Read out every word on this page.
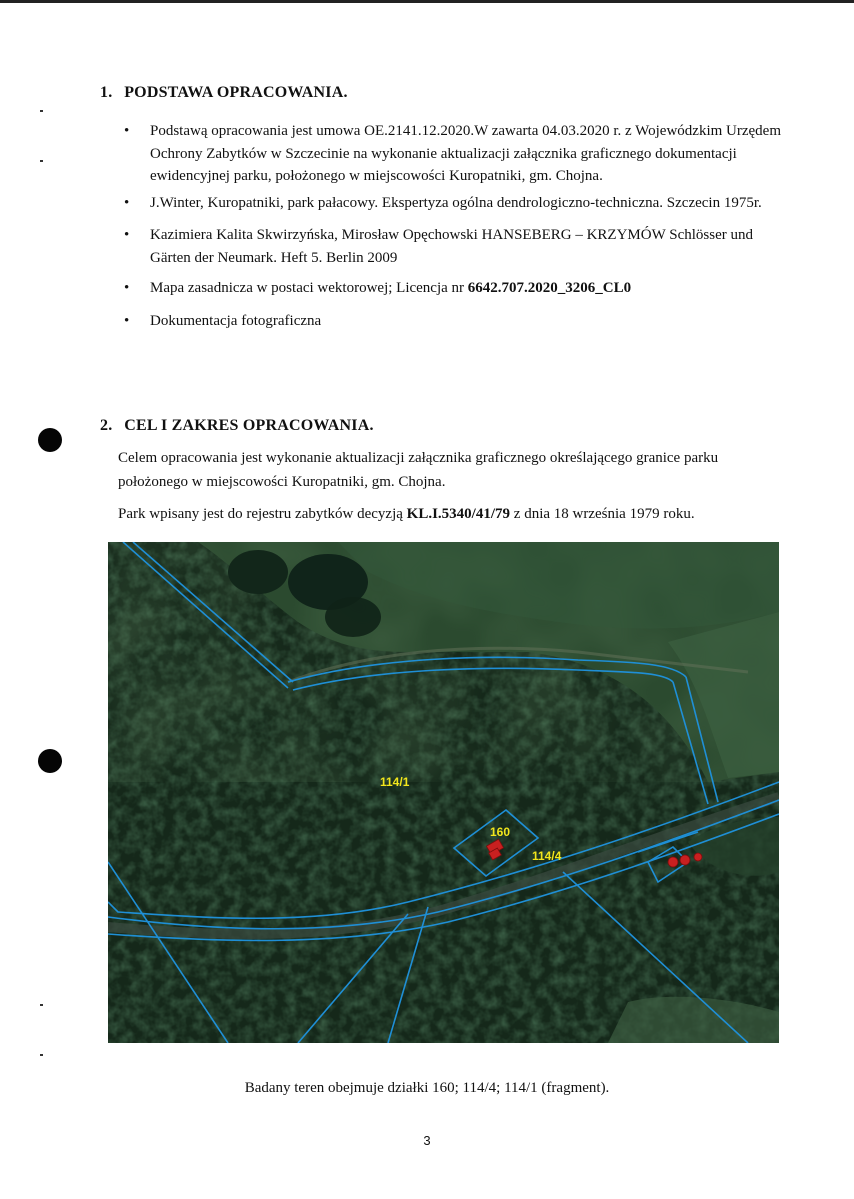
1. PODSTAWA OPRACOWANIA.
• Podstawą opracowania jest umowa OE.2141.12.2020.W zawarta 04.03.2020 r. z Wojewódzkim Urzędem Ochrony Zabytków w Szczecinie na wykonanie aktualizacji załącznika graficznego dokumentacji ewidencyjnej parku, położonego w miejscowości Kuropatniki, gm. Chojna.
• J.Winter, Kuropatniki, park pałacowy. Ekspertyza ogólna dendrologiczno-techniczna. Szczecin 1975r.
• Kazimiera Kalita Skwirzyńska, Mirosław Opęchowski HANSEBERG – KRZYMÓW Schlösser und Gärten der Neumark. Heft 5. Berlin 2009
• Mapa zasadnicza w postaci wektorowej; Licencja nr 6642.707.2020_3206_CL0
• Dokumentacja fotograficzna
2. CEL I ZAKRES OPRACOWANIA.

Celem opracowania jest wykonanie aktualizacji załącznika graficznego określającego granice parku położonego w miejscowości Kuropatniki, gm. Chojna.

Park wpisany jest do rejestru zabytków decyzją KL.I.5340/41/79 z dnia 18 września 1979 roku.

114/1
160
114/4
Badany teren obejmuje działki 160; 114/4; 114/1 (fragment).
3
